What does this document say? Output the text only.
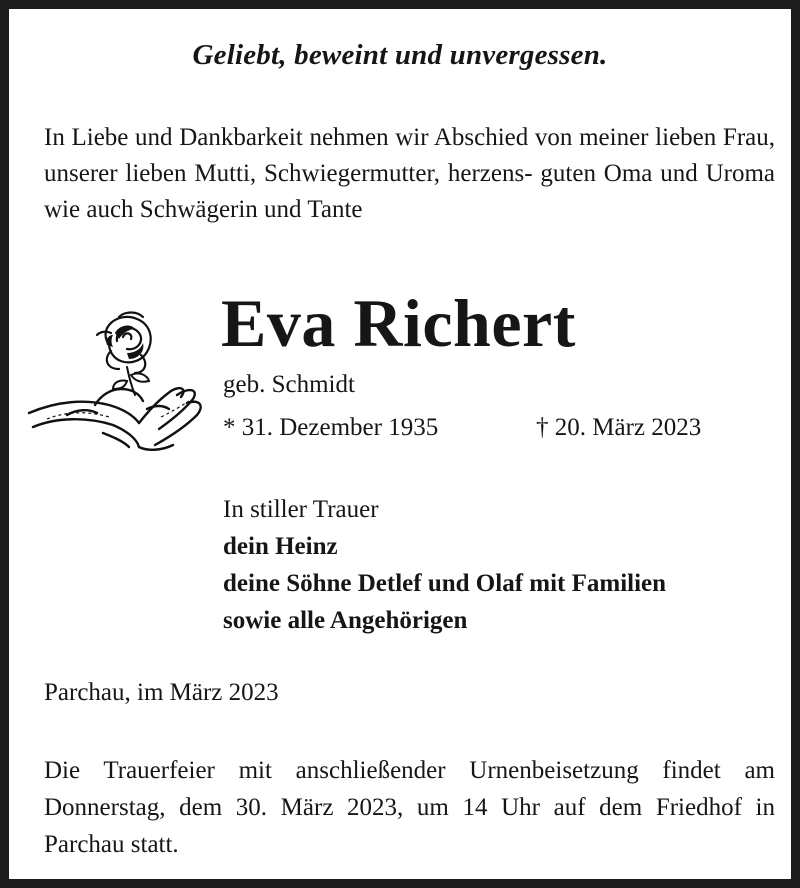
Geliebt, beweint und unvergessen.
In Liebe und Dankbarkeit nehmen wir Abschied von meiner lieben Frau, unserer lieben Mutti, Schwiegermutter, herzens- guten Oma und Uroma wie auch Schwägerin und Tante
Eva Richert
geb. Schmidt
* 31. Dezember 1935	† 20. März 2023
In stiller Trauer
dein Heinz
deine Söhne Detlef und Olaf mit Familien
sowie alle Angehörigen
Parchau, im März 2023
Die Trauerfeier mit anschließender Urnenbeisetzung findet am Donnerstag, dem 30. März 2023, um 14 Uhr auf dem Friedhof in Parchau statt.
